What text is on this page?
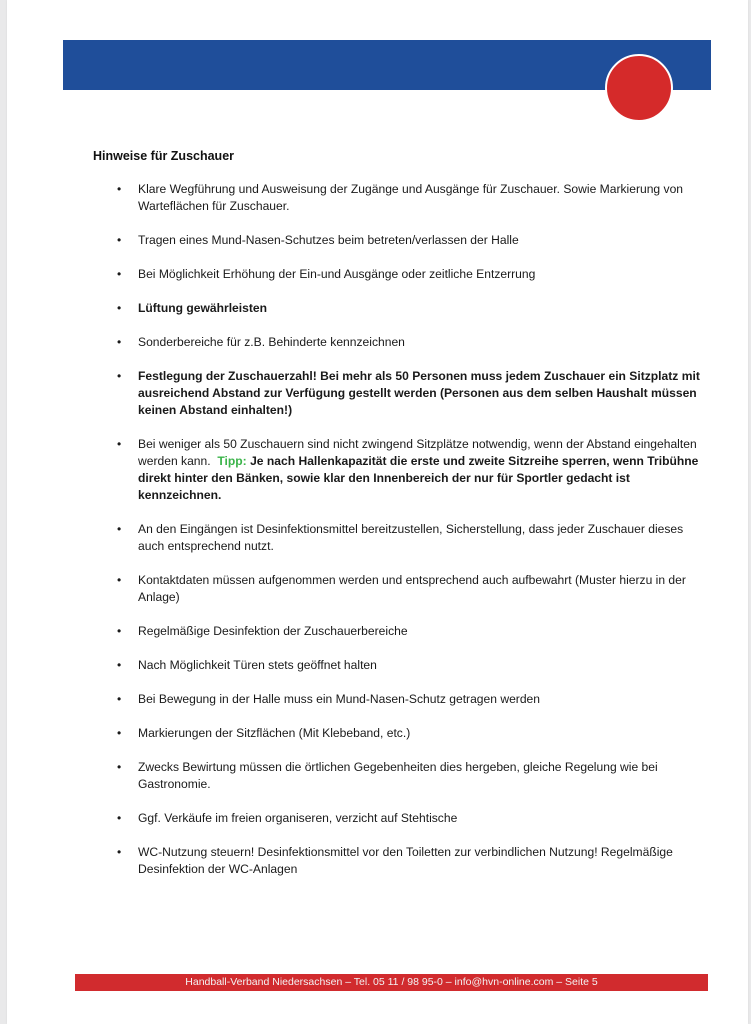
Hinweise für Zuschauer

• Klare Wegführung und Ausweisung der Zugänge und Ausgänge für Zuschauer. Sowie Markierung von Warteflächen für Zuschauer.
• Tragen eines Mund-Nasen-Schutzes beim betreten/verlassen der Halle
• Bei Möglichkeit Erhöhung der Ein-und Ausgänge oder zeitliche Entzerrung
• Lüftung gewährleisten
• Sonderbereiche für z.B. Behinderte kennzeichnen
• Festlegung der Zuschauerzahl! Bei mehr als 50 Personen muss jedem Zuschauer ein Sitzplatz mit ausreichend Abstand zur Verfügung gestellt werden (Personen aus dem selben Haushalt müssen keinen Abstand einhalten!)
• Bei weniger als 50 Zuschauern sind nicht zwingend Sitzplätze notwendig, wenn der Abstand eingehalten werden kann. Tipp: Je nach Hallenkapazität die erste und zweite Sitzreihe sperren, wenn Tribühne direkt hinter den Bänken, sowie klar den Innenbereich der nur für Sportler gedacht ist kennzeichnen.
• An den Eingängen ist Desinfektionsmittel bereitzustellen, Sicherstellung, dass jeder Zuschauer dieses auch entsprechend nutzt.
• Kontaktdaten müssen aufgenommen werden und entsprechend auch aufbewahrt (Muster hierzu in der Anlage)
• Regelmäßige Desinfektion der Zuschauerbereiche
• Nach Möglichkeit Türen stets geöffnet halten
• Bei Bewegung in der Halle muss ein Mund-Nasen-Schutz getragen werden
• Markierungen der Sitzflächen (Mit Klebeband, etc.)
• Zwecks Bewirtung müssen die örtlichen Gegebenheiten dies hergeben, gleiche Regelung wie bei Gastronomie.
• Ggf. Verkäufe im freien organiseren, verzicht auf Stehtische
• WC-Nutzung steuern! Desinfektionsmittel vor den Toiletten zur verbindlichen Nutzung! Regelmäßige Desinfektion der WC-Anlagen
Handball-Verband Niedersachsen – Tel. 05 11 / 98 95-0 – info@hvn-online.com – Seite 5
